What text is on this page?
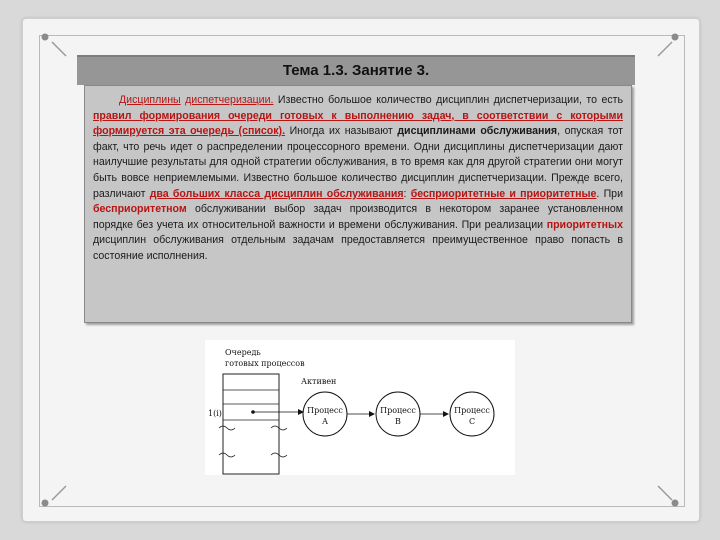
Тема 1.3. Занятие 3.

Дисциплины диспетчеризации. Известно большое количество дисциплин диспетчеризации, то есть правил формирования очереди готовых к выполнению задач, в соответствии с которыми формируется эта очередь (список). Иногда их называют дисциплинами обслуживания, опуская тот факт, что речь идет о распределении процессорного времени. Одни дисциплины диспетчеризации дают наилучшие результаты для одной стратегии обслуживания, в то время как для другой стратегии они могут быть вовсе неприемлемыми. Известно большое количество дисциплин диспетчеризации. Прежде всего, различают два больших класса дисциплин обслуживания: бесприоритетные и приоритетные. При бесприоритетном обслуживании выбор задач производится в некотором заранее установленном порядке без учета их относительной важности и времени обслуживания. При реализации приоритетных дисциплин обслуживания отдельным задачам предоставляется преимущественное право попасть в состояние исполнения.

Очередь
готовых процессов
1(i)
Активен
Процесс
А
Процесс
В
Процесс
С
